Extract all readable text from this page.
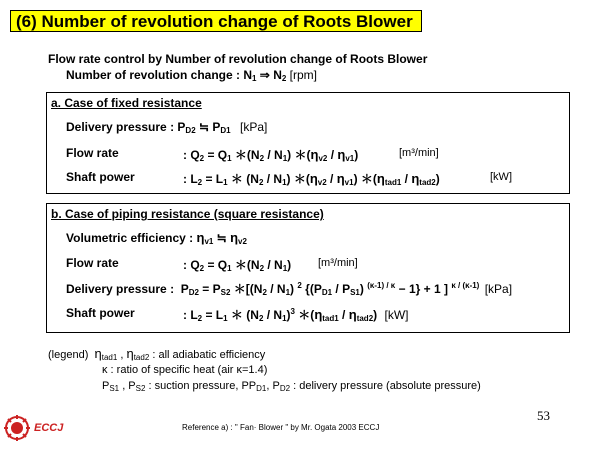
(6) Number of revolution change of Roots Blower
Flow rate control by Number of revolution change of Roots Blower
Number of revolution change : $N_1$ ⇒ $N_2$ [rpm]
a. Case of fixed resistance
Delivery pressure : $P_{D2}$ ≒ $P_{D1}$ [kPa]
Flow rate	: $Q_2 = Q_1$ $*(N_2 / N_1)$ $*(\eta_{v2} / \eta_{v1})$	[m³/min]
Shaft power	: $L_2 = L_1$ ＊ $(N_2 / N_1)$ $*(\eta_{v2} / \eta_{v1})$ $*(\eta_{tad1} / \eta_{tad2})$	[kW]
b. Case of piping resistance (square resistance)
Volumetric efficiency : $\eta_{v1}$ ≒ $\eta_{v2}$
Flow rate	: $Q_2 = Q_1$ $*(N_2 / N_1)$ [m³/min]
Delivery pressure :  $P_{D2} = P_{S2}$ $*[(N_2 / N_1)$ $^2$ $\{(P_{D1} / P_{S1}) ^{(\kappa-1) / \kappa} - 1\} + 1$ ] $^{\kappa / (\kappa-1)}$ [kPa]
Shaft power	: $L_2 = L_1$ ＊ $(N_2 / N_1)^3$ $*(\eta_{tad1} / \eta_{tad2})$ [kW]
(legend) $\eta_{tad1}$ , $\eta_{tad2}$ : all adiabatic efficiency
κ : ratio of specific heat (air κ=1.4)
$P_{S1}$ , $P_{S2}$ : suction pressure, $PP_{D1}$, $P_{D2}$ : delivery pressure (absolute pressure)
ECCJ
53
Reference a) : " Fan· Blower " by Mr. Ogata 2003 ECCJ
